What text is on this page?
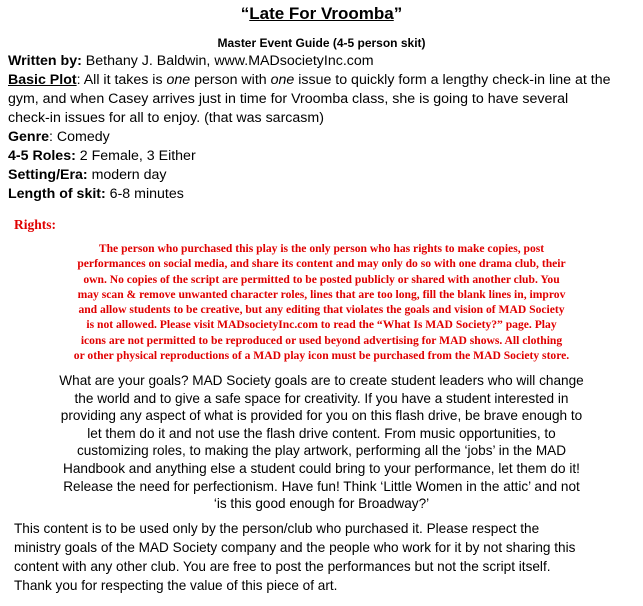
“Late For Vroomba”
Master Event Guide (4-5 person skit)
Written by: Bethany J. Baldwin, www.MADsocietyInc.com
Basic Plot: All it takes is one person with one issue to quickly form a lengthy check-in line at the
gym, and when Casey arrives just in time for Vroomba class, she is going to have several
check-in issues for all to enjoy. (that was sarcasm)
Genre: Comedy
4-5 Roles: 2 Female, 3 Either
Setting/Era: modern day
Length of skit: 6-8 minutes
Rights:
The person who purchased this play is the only person who has rights to make copies, post
performances on social media, and share its content and may only do so with one drama club, their
own. No copies of the script are permitted to be posted publicly or shared with another club. You
may scan & remove unwanted character roles, lines that are too long, fill the blank lines in, improv
and allow students to be creative, but any editing that violates the goals and vision of MAD Society
is not allowed. Please visit MADsocietyInc.com to read the “What Is MAD Society?” page. Play
icons are not permitted to be reproduced or used beyond advertising for MAD shows. All clothing
or other physical reproductions of a MAD play icon must be purchased from the MAD Society store.
What are your goals? MAD Society goals are to create student leaders who will change
the world and to give a safe space for creativity. If you have a student interested in
providing any aspect of what is provided for you on this flash drive, be brave enough to
let them do it and not use the flash drive content. From music opportunities, to
customizing roles, to making the play artwork, performing all the ‘jobs’ in the MAD
Handbook and anything else a student could bring to your performance, let them do it!
Release the need for perfectionism. Have fun! Think ‘Little Women in the attic’ and not
‘is this good enough for Broadway?’
This content is to be used only by the person/club who purchased it. Please respect the
ministry goals of the MAD Society company and the people who work for it by not sharing this
content with any other club. You are free to post the performances but not the script itself.
Thank you for respecting the value of this piece of art.
